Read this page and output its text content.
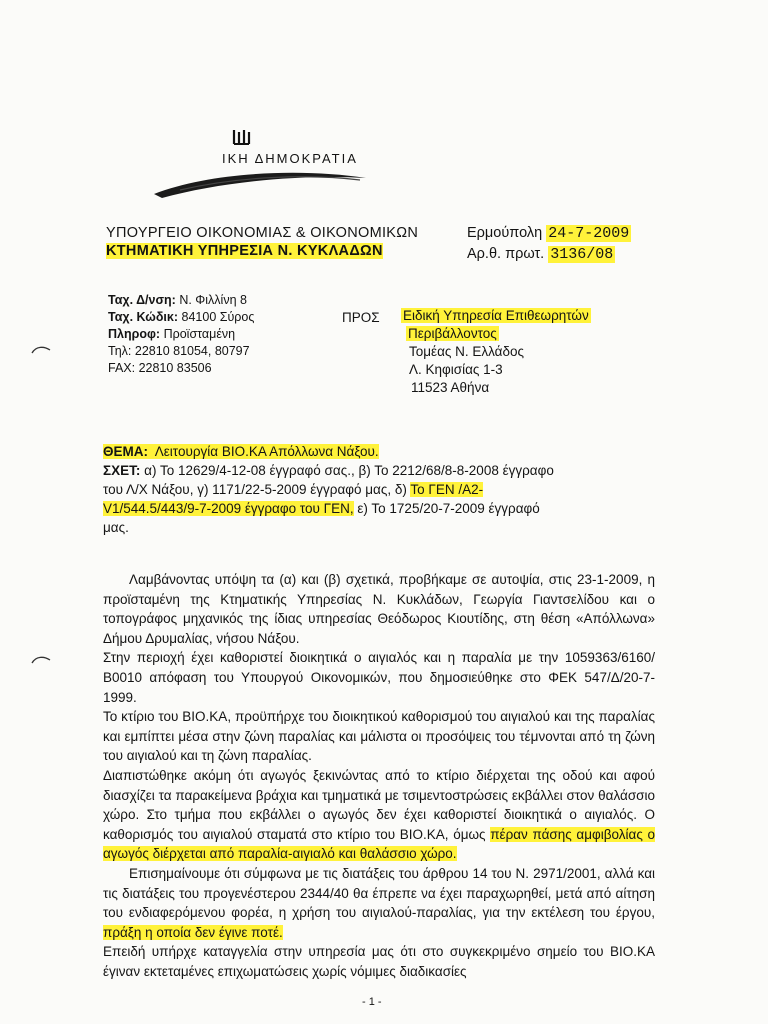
ΙΚΗ ΔΗΜΟΚΡΑΤΙΑ
ΥΠΟΥΡΓΕΙΟ ΟΙΚΟΝΟΜΙΑΣ & ΟΙΚΟΝΟΜΙΚΩΝ
ΚΤΗΜΑΤΙΚΗ ΥΠΗΡΕΣΙΑ Ν. ΚΥΚΛΑΔΩΝ
Ερμούπολη 24-7-2009
Αρ.θ. πρωτ. 3136/08
Ταχ. Δ/νση: Ν. Φιλλίνη 8
Ταχ. Κώδικ: 84100 Σύρος
Πληροφ: Προϊσταμένη
Τηλ: 22810 81054, 80797
FAX: 22810 83506
ΠΡΟΣ Ειδική Υπηρεσία Επιθεωρητών
Περιβάλλοντος
Τομέας Ν. Ελλάδος
Λ. Κηφισίας 1-3
11523 Αθήνα
ΘΕΜΑ: Λειτουργία ΒΙΟ.ΚΑ Απόλλωνα Νάξου.
ΣΧΕΤ: α) Το 12629/4-12-08 έγγραφό σας., β) Το 2212/68/8-8-2008 έγγραφο
του Λ/Χ Νάξου, γ) 1171/22-5-2009 έγγραφό μας, δ) Το ΓΕΝ /Α2-
V1/544.5/443/9-7-2009 έγγραφο του ΓΕΝ, ε) Το 1725/20-7-2009 έγγραφό
μας.

Λαμβάνοντας υπόψη τα (α) και (β) σχετικά, προβήκαμε σε αυτοψία, στις 23-1-2009, η προϊσταμένη της Κτηματικής Υπηρεσίας Ν. Κυκλάδων, Γεωργία Γιαντσελίδου και ο τοπογράφος μηχανικός της ίδιας υπηρεσίας Θεόδωρος Κιουτίδης, στη θέση «Απόλλωνα» Δήμου Δρυμαλίας, νήσου Νάξου.

Στην περιοχή έχει καθοριστεί διοικητικά ο αιγιαλός και η παραλία με την 1059363/6160/Β0010 απόφαση του Υπουργού Οικονομικών, που δημοσιεύθηκε στο ΦΕΚ 547/Δ/20-7-1999.

Το κτίριο του ΒΙΟ.ΚΑ, προϋπήρχε του διοικητικού καθορισμού του αιγιαλού και της παραλίας και εμπίπτει μέσα στην ζώνη παραλίας και μάλιστα οι προσόψεις του τέμνονται από τη ζώνη του αιγιαλού και τη ζώνη παραλίας.

Διαπιστώθηκε ακόμη ότι αγωγός ξεκινώντας από το κτίριο διέρχεται της οδού και αφού διασχίζει τα παρακείμενα βράχια και τμηματικά με τσιμεντοστρώσεις εκβάλλει στον θαλάσσιο χώρο. Στο τμήμα που εκβάλλει ο αγωγός δεν έχει καθοριστεί διοικητικά ο αιγιαλός. Ο καθορισμός του αιγιαλού σταματά στο κτίριο του ΒΙΟ.ΚΑ, όμως πέραν πάσης αμφιβολίας ο αγωγός διέρχεται από παραλία-αιγιαλό και θαλάσσιο χώρο.

Επισημαίνουμε ότι σύμφωνα με τις διατάξεις του άρθρου 14 του Ν. 2971/2001, αλλά και τις διατάξεις του προγενέστερου 2344/40 θα έπρεπε να έχει παραχωρηθεί, μετά από αίτηση του ενδιαφερόμενου φορέα, η χρήση του αιγιαλού-παραλίας, για την εκτέλεση του έργου, πράξη η οποία δεν έγινε ποτέ.

Επειδή υπήρχε καταγγελία στην υπηρεσία μας ότι στο συγκεκριμένο σημείο του ΒΙΟ.ΚΑ έγιναν εκτεταμένες επιχωματώσεις χωρίς νόμιμες διαδικασίες

- 1 -
